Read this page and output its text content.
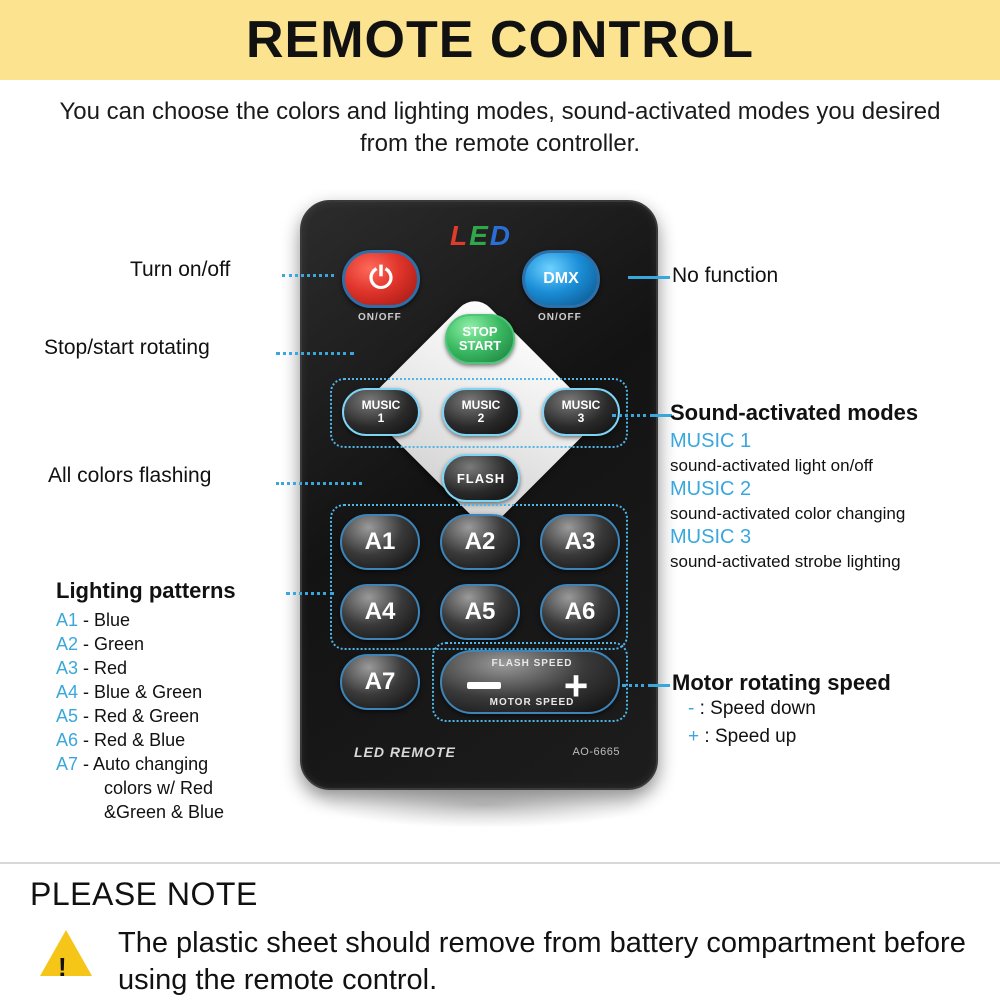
REMOTE CONTROL
You can choose the colors and lighting modes, sound-activated modes you desired from the remote controller.
LED
⏻
ON/OFF
DMX
ON/OFF
STOP
START
MUSIC
1
MUSIC
2
MUSIC
3
FLASH
A1	A2	A3
A4	A5	A6
A7
FLASH SPEED
+
MOTOR SPEED
LED REMOTE	AO-6665
Turn on/off
Stop/start rotating
All colors flashing
Lighting patterns
A1 - Blue
A2 - Green
A3 - Red
A4 - Blue & Green
A5 - Red & Green
A6 - Red & Blue
A7 - Auto changing
colors w/ Red
&Green & Blue
No function
Sound-activated modes
MUSIC 1
sound-activated light on/off
MUSIC 2
sound-activated color changing
MUSIC 3
sound-activated strobe lighting
Motor rotating speed
- : Speed down
+ : Speed up
PLEASE NOTE
!
The plastic sheet should remove from battery compartment before using the remote control.
